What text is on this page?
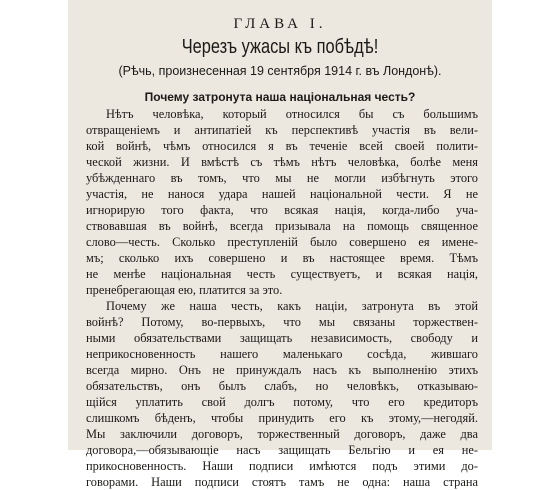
ГЛАВА I.
Черезъ ужасы къ побѣдѣ!
(Рѣчь, произнесенная 19 сентября 1914 г. въ Лондонѣ).
Почему затронута наша національная честь?
Нѣтъ человѣка, который относился бы съ большимъ
отвращеніемъ и антипатіей къ перспективѣ участія въ вели-
кой войнѣ, чѣмъ относился я въ теченіе всей своей полити-
ческой жизни. И вмѣстѣ съ тѣмъ нѣтъ человѣка, болѣе меня
убѣжденнаго въ томъ, что мы не могли избѣгнуть этого
участія, не нанося удара нашей національной чести. Я не
игнорирую того факта, что всякая нація, когда-либо уча-
ствовавшая въ войнѣ, всегда призывала на помощь священное
слово—честь. Сколько преступленій было совершено ея имене-
мъ; сколько ихъ совершено и въ настоящее время. Тѣмъ
не менѣе національная честь существуетъ, и всякая нація,
пренебрегающая ею, платится за это.
Почему же наша честь, какъ націи, затронута въ этой
войнѣ? Потому, во-первыхъ, что мы связаны торжествен-
ными обязательствами защищать независимость, свободу и
неприкосновенность нашего маленькаго сосѣда, жившаго
всегда мирно. Онъ не принуждалъ насъ къ выполненію этихъ
обязательствъ, онъ былъ слабъ, но человѣкъ, отказываю-
щійся уплатить свой долгъ потому, что его кредиторъ
слишкомъ бѣденъ, чтобы принудить его къ этому,—негодяй.
Мы заключили договоръ, торжественный договоръ, даже два
договора,—обязывающіе насъ защищать Бельгію и ея не-
прикосновенность. Наши подписи имѣются подъ этими до-
говорами. Наши подписи стоятъ тамъ не одна: наша страна
